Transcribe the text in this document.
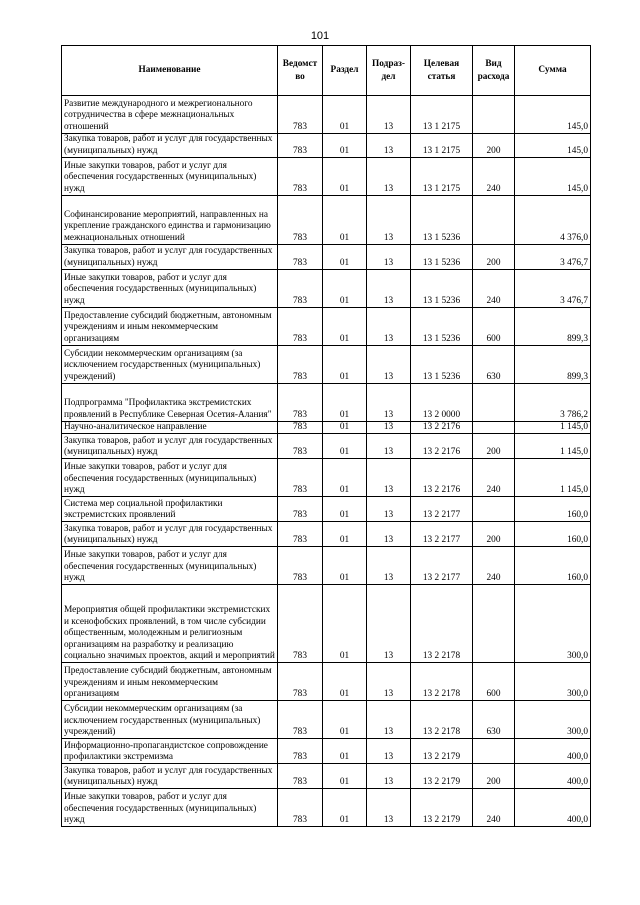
101
Наименование	Ведомст во	Раздел	Подраз-дел	Целевая статья	Вид расхода	Сумма
Развитие международного и межрегионального сотрудничества в сфере межнациональных отношений	783	01	13	13 1 2175		145,0
Закупка товаров, работ и услуг для государственных (муниципальных) нужд	783	01	13	13 1 2175	200	145,0
Иные закупки товаров, работ и услуг для обеспечения государственных (муниципальных) нужд	783	01	13	13 1 2175	240	145,0
Софинансирование мероприятий, направленных на укрепление гражданского единства и гармонизацию межнациональных отношений	783	01	13	13 1 5236		4 376,0
Закупка товаров, работ и услуг для государственных (муниципальных) нужд	783	01	13	13 1 5236	200	3 476,7
Иные закупки товаров, работ и услуг для обеспечения государственных (муниципальных) нужд	783	01	13	13 1 5236	240	3 476,7
Предоставление субсидий бюджетным, автономным учреждениям и иным некоммерческим организациям	783	01	13	13 1 5236	600	899,3
Субсидии некоммерческим организациям (за исключением государственных (муниципальных) учреждений)	783	01	13	13 1 5236	630	899,3
Подпрограмма "Профилактика экстремистских проявлений в Республике Северная Осетия-Алания"	783	01	13	13 2 0000		3 786,2
Научно-аналитическое направление	783	01	13	13 2 2176		1 145,0
Закупка товаров, работ и услуг для государственных (муниципальных) нужд	783	01	13	13 2 2176	200	1 145,0
Иные закупки товаров, работ и услуг для обеспечения государственных (муниципальных) нужд	783	01	13	13 2 2176	240	1 145,0
Система мер социальной профилактики экстремистских проявлений	783	01	13	13 2 2177		160,0
Закупка товаров, работ и услуг для государственных (муниципальных) нужд	783	01	13	13 2 2177	200	160,0
Иные закупки товаров, работ и услуг для обеспечения государственных (муниципальных) нужд	783	01	13	13 2 2177	240	160,0
Мероприятия общей профилактики экстремистских и ксенофобских проявлений, в том числе субсидии общественным, молодежным и религиозным организациям на разработку и реализацию социально значимых проектов, акций и мероприятий	783	01	13	13 2 2178		300,0
Предоставление субсидий бюджетным, автономным учреждениям и иным некоммерческим организациям	783	01	13	13 2 2178	600	300,0
Субсидии некоммерческим организациям (за исключением государственных (муниципальных) учреждений)	783	01	13	13 2 2178	630	300,0
Информационно-пропагандистское сопровождение профилактики экстремизма	783	01	13	13 2 2179		400,0
Закупка товаров, работ и услуг для государственных (муниципальных) нужд	783	01	13	13 2 2179	200	400,0
Иные закупки товаров, работ и услуг для обеспечения государственных (муниципальных) нужд	783	01	13	13 2 2179	240	400,0
